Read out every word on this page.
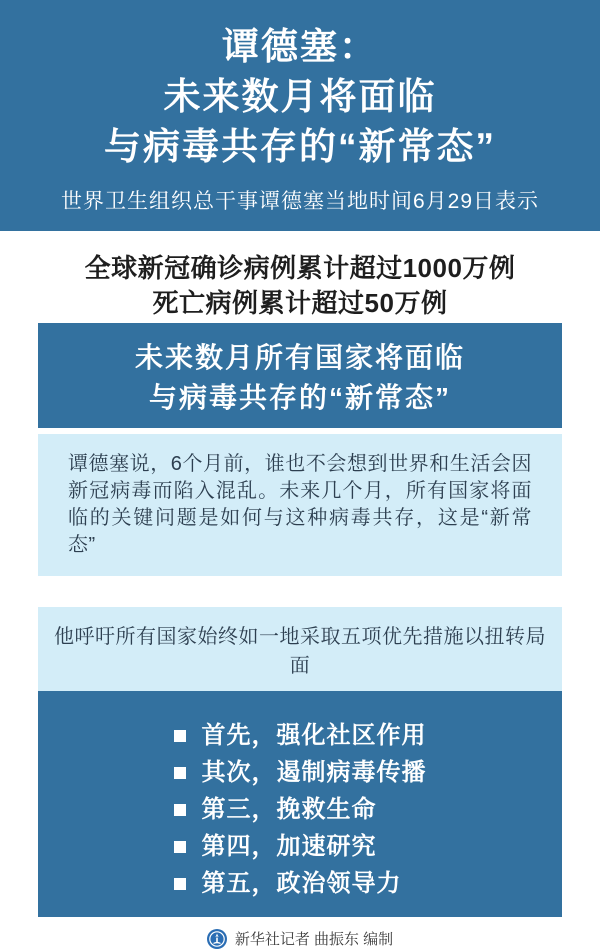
谭德塞：
未来数月将面临
与病毒共存的“新常态”
世界卫生组织总干事谭德塞当地时间6月29日表示
全球新冠确诊病例累计超过1000万例
死亡病例累计超过50万例
未来数月所有国家将面临
与病毒共存的“新常态”
谭德塞说，6个月前，谁也不会想到世界和生活会因新冠病毒而陷入混乱。未来几个月，所有国家将面临的关键问题是如何与这种病毒共存，这是“新常态”
他呼吁所有国家始终如一地采取五项优先措施以扭转局面
首先，强化社区作用
其次，遏制病毒传播
第三，挽救生命
第四，加速研究
第五，政治领导力
新华社记者 曲振东 编制
